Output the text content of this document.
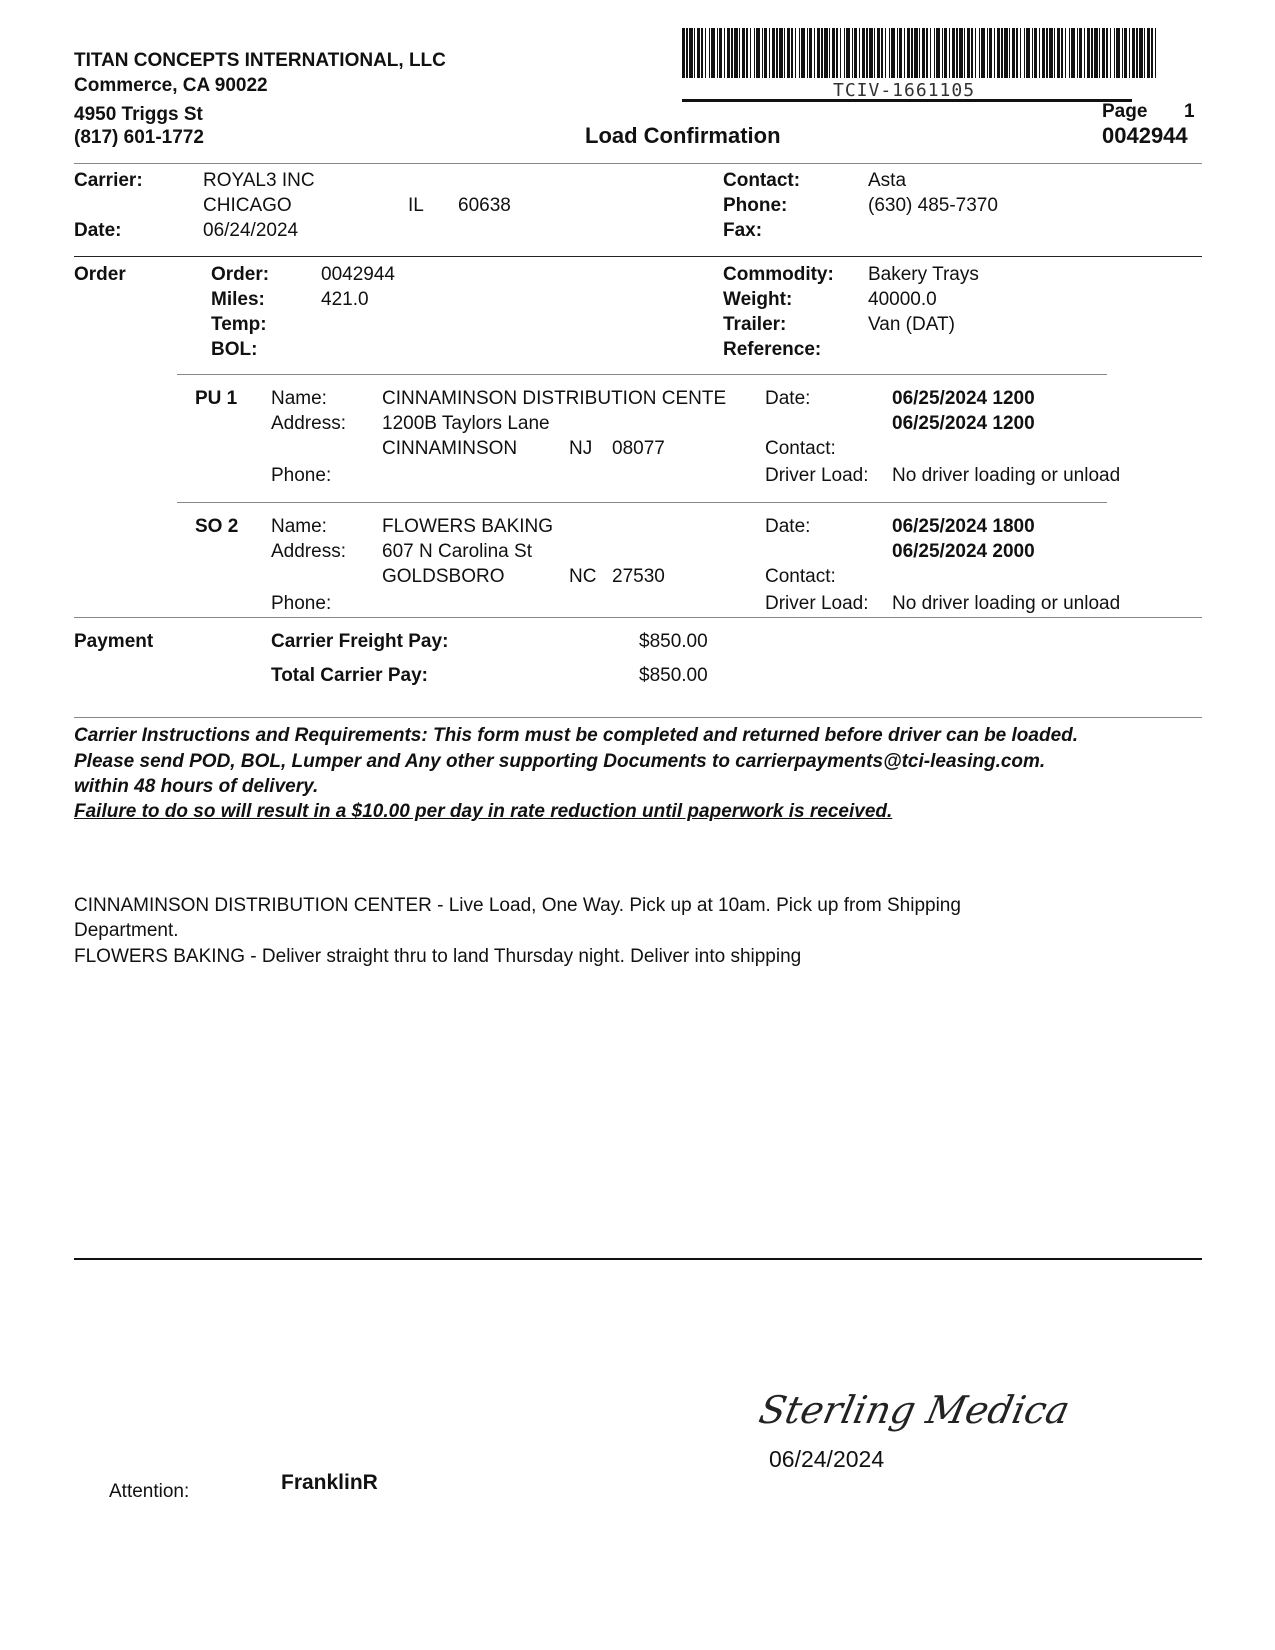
TITAN CONCEPTS INTERNATIONAL, LLC
Commerce, CA 90022
4950 Triggs St
(817) 601-1772
TCIV-1661105
Load Confirmation
Page 1
0042944
Carrier:	ROYAL3 INC
CHICAGO	IL 60638
Date:	06/24/2024
Contact:	Asta
Phone:	(630) 485-7370
Fax:
Order	Order:	0042944
Miles:	421.0
Temp:
BOL:
Commodity: Bakery Trays
Weight:	40000.0
Trailer:	Van (DAT)
Reference:
PU 1 Name:	CINNAMINSON DISTRIBUTION CENTE
Address: 1200B Taylors Lane
CINNAMINSON	NJ 08077
Phone:
Date:	06/25/2024 1200
06/25/2024 1200
Contact:
Driver Load: No driver loading or unload
SO 2 Name:	FLOWERS BAKING
Address: 607 N Carolina St
GOLDSBORO	NC 27530
Phone:
Date:	06/25/2024 1800
06/25/2024 2000
Contact:
Driver Load: No driver loading or unload
Payment	Carrier Freight Pay:	$850.00
Total Carrier Pay:	$850.00
Carrier Instructions and Requirements: This form must be completed and returned before driver can be loaded.
Please send POD, BOL, Lumper and Any other supporting Documents to carrierpayments@tci-leasing.com.
within 48 hours of delivery.
Failure to do so will result in a $10.00 per day in rate reduction until paperwork is received.
CINNAMINSON DISTRIBUTION CENTER - Live Load, One Way. Pick up at 10am. Pick up from Shipping
Department.
FLOWERS BAKING - Deliver straight thru to land Thursday night. Deliver into shipping
Sterling Medica
06/24/2024
Attention:	FranklinR
